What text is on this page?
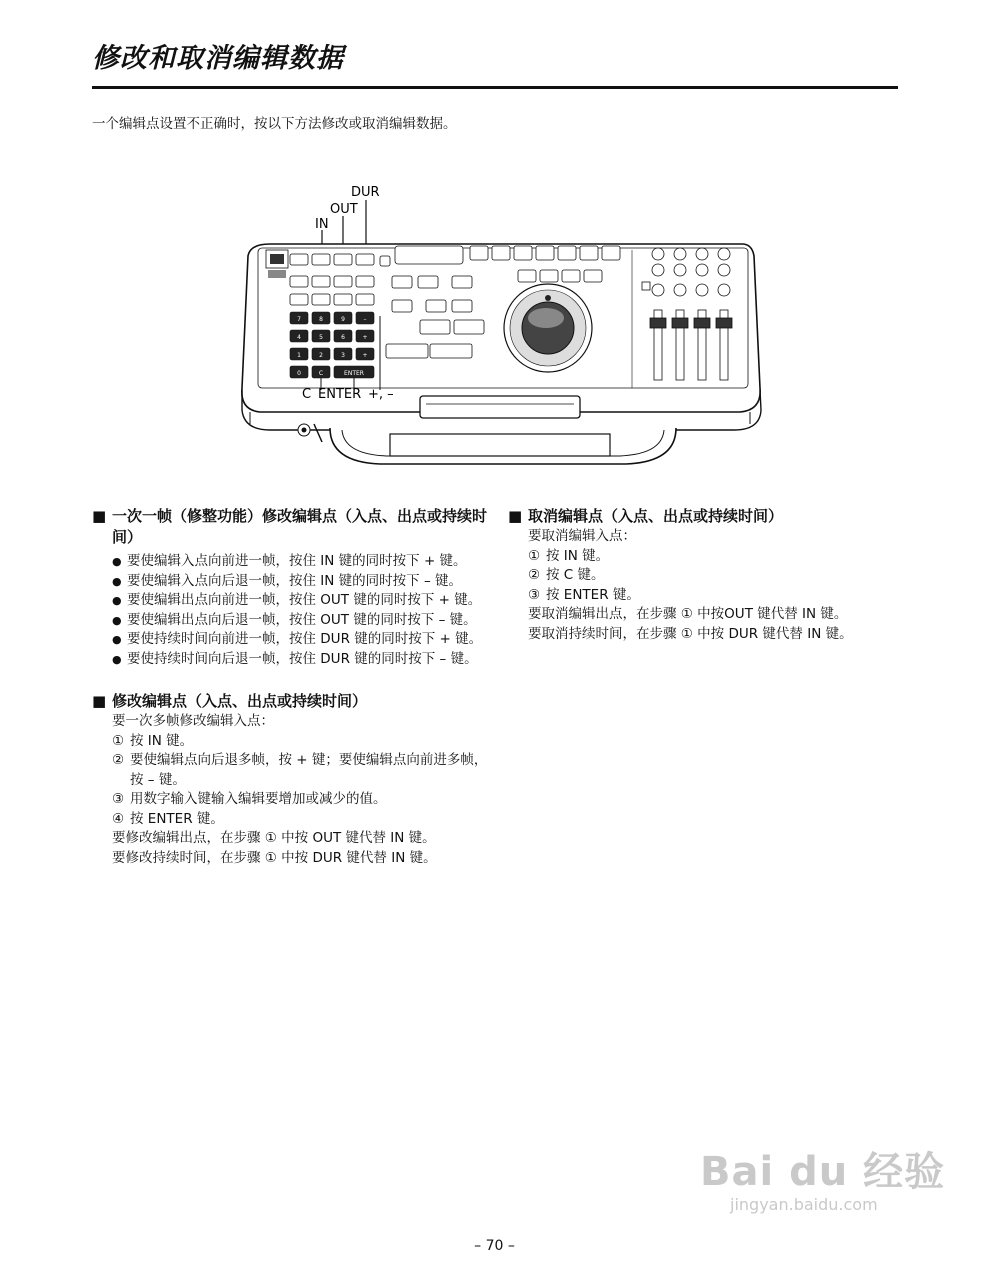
修改和取消编辑数据
一个编辑点设置不正确时，按以下方法修改或取消编辑数据。
IN
OUT
DUR
7	8	9	–
4	5	6	+
1	2	3	+
0	C	ENTER
C ENTER +, –
■ 一次一帧（修整功能）修改编辑点（入点、出点或持续时间）
● 要使编辑入点向前进一帧，按住 IN 键的同时按下 + 键。
● 要使编辑入点向后退一帧，按住 IN 键的同时按下 – 键。
● 要使编辑出点向前进一帧，按住 OUT 键的同时按下 + 键。
● 要使编辑出点向后退一帧，按住 OUT 键的同时按下 – 键。
● 要使持续时间向前进一帧，按住 DUR 键的同时按下 + 键。
● 要使持续时间向后退一帧，按住 DUR 键的同时按下 – 键。
■ 修改编辑点（入点、出点或持续时间）
要一次多帧修改编辑入点：
① 按 IN 键。
② 要使编辑点向后退多帧，按 + 键；要使编辑点向前进多帧，按 – 键。
③ 用数字输入键输入编辑要增加或减少的值。
④ 按 ENTER 键。
要修改编辑出点，在步骤 ① 中按 OUT 键代替 IN 键。
要修改持续时间，在步骤 ① 中按 DUR 键代替 IN 键。
■ 取消编辑点（入点、出点或持续时间）
要取消编辑入点：
① 按 IN 键。
② 按 C 键。
③ 按 ENTER 键。
要取消编辑出点，在步骤 ① 中按OUT 键代替 IN 键。
要取消持续时间，在步骤 ① 中按 DUR 键代替 IN 键。
Bai du 经验
jingyan.baidu.com
– 70 –
